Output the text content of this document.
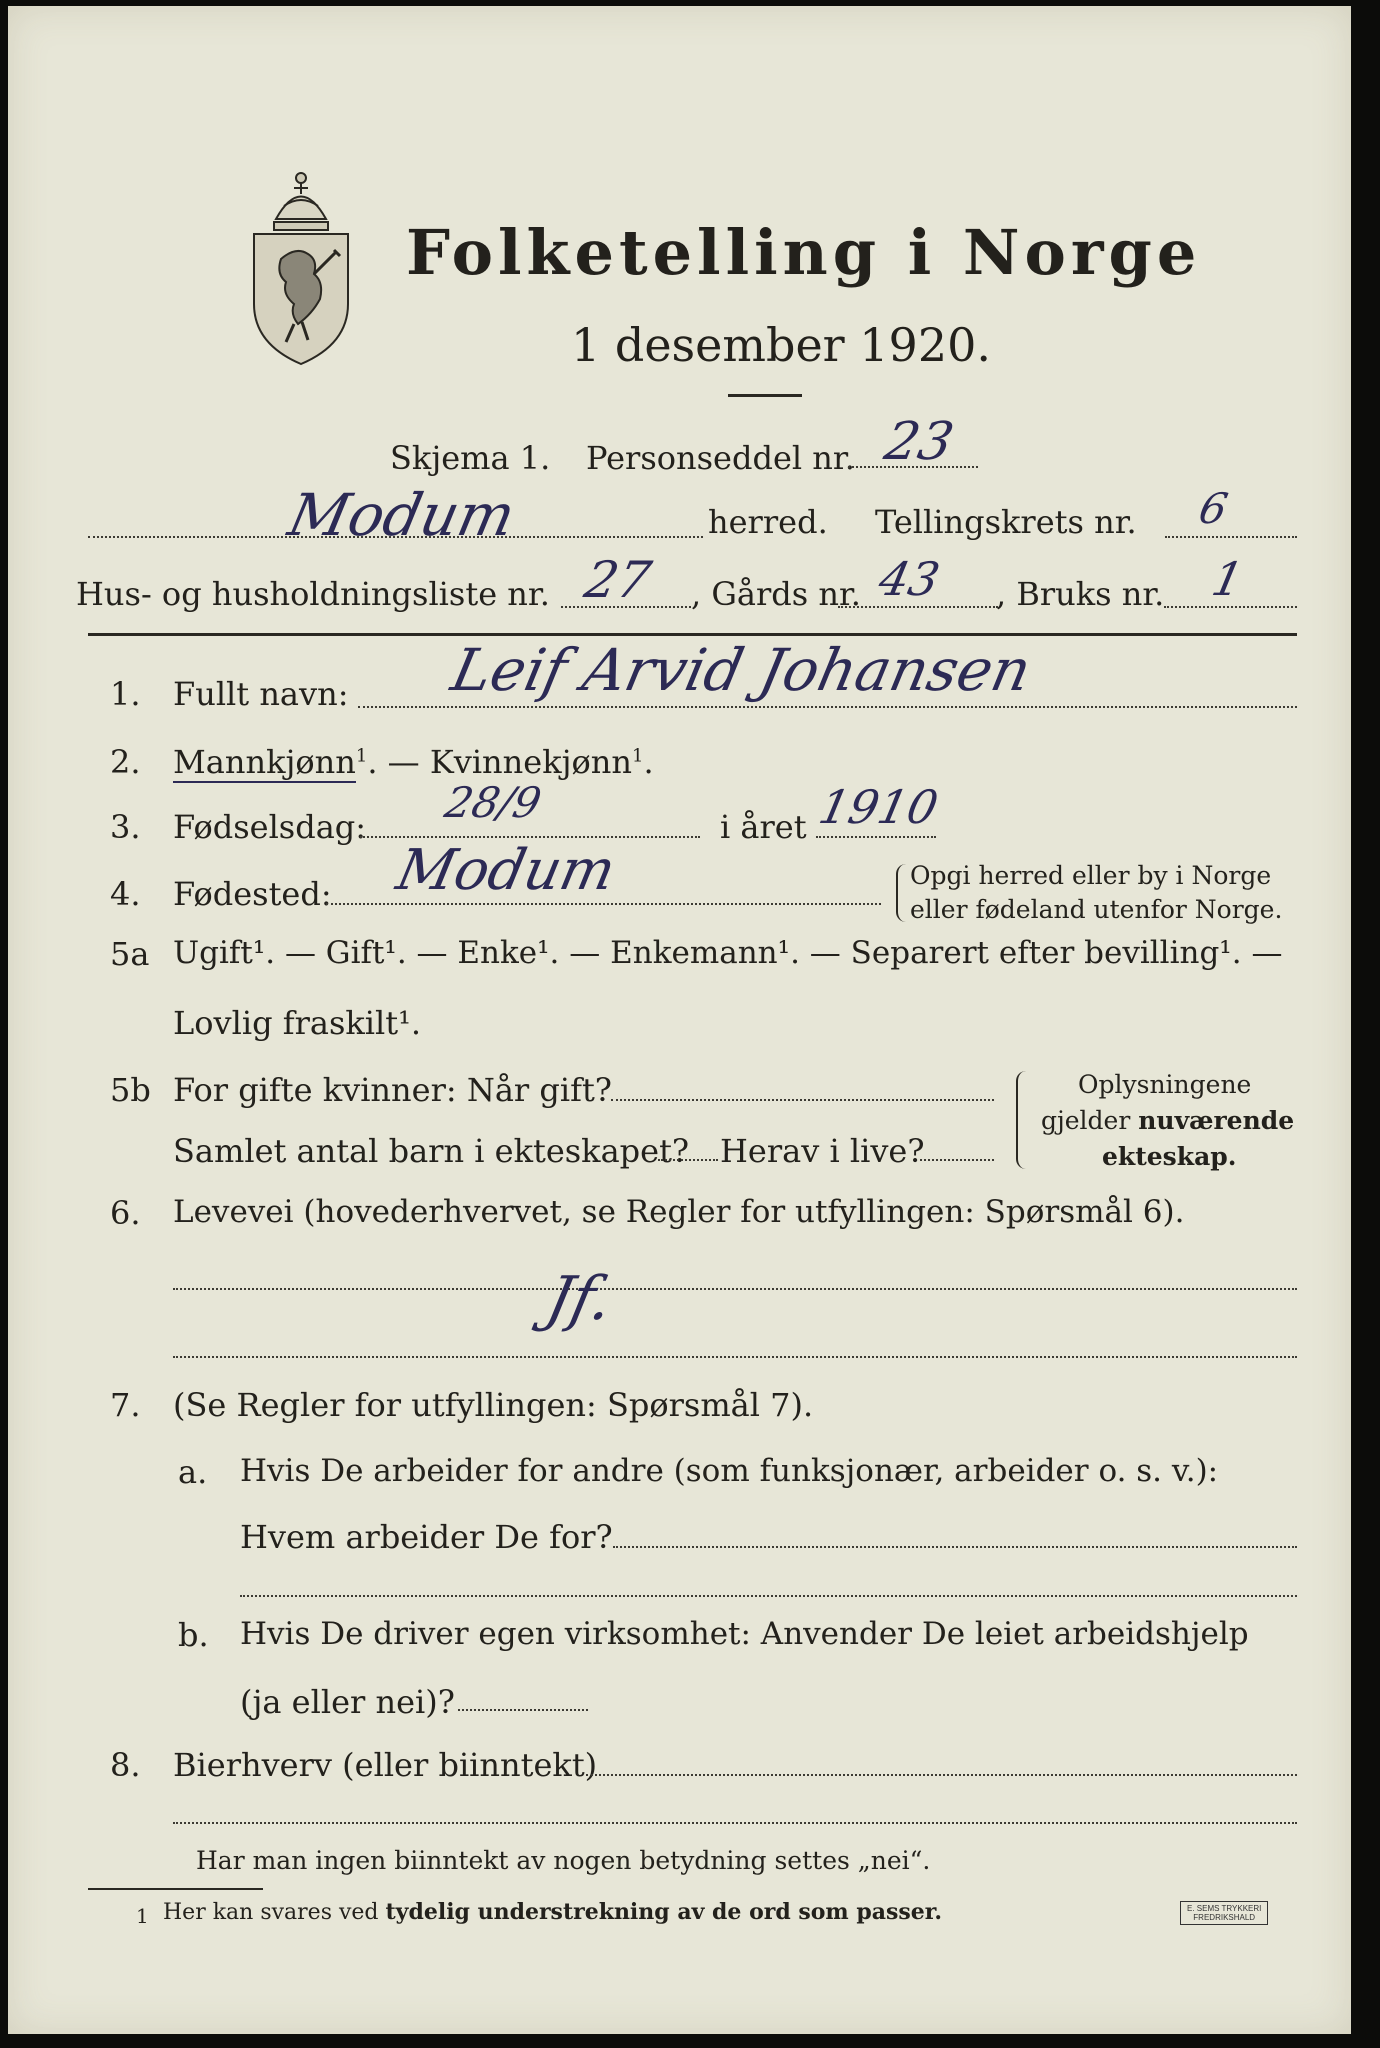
Folketelling i Norge
1 desember 1920.
Skjema 1. Personseddel nr. 23
Modum	herred. Tellingskrets nr. 6
Hus- og husholdningsliste nr. 27 , Gårds nr. 43 , Bruks nr. 1
1. Fullt navn: Leif Arvid Johansen
2. Mannkjønn$^1$. — Kvinnekjønn$^1$.
3. Fødselsdag: 28/9	i året 1910
4. Fødested: Modum	Opgi herred eller by i Norge
eller fødeland utenfor Norge.
5a Ugift¹. — Gift¹. — Enke¹. — Enkemann¹. — Separert efter bevilling¹. —
Lovlig fraskilt¹.
5b For gifte kvinner: Når gift?
Samlet antal barn i ekteskapet? Herav i live?
Oplysningene
gjelder nuværende
ekteskap.
6. Levevei (hovederhvervet, se Regler for utfyllingen: Spørsmål 6).
Jf.
7. (Se Regler for utfyllingen: Spørsmål 7).
a. Hvis De arbeider for andre (som funksjonær, arbeider o. s. v.):
Hvem arbeider De for?
b. Hvis De driver egen virksomhet: Anvender De leiet arbeidshjelp
(ja eller nei)?
8. Bierhverv (eller biinntekt)
Har man ingen biinntekt av nogen betydning settes „nei“.
1 Her kan svares ved tydelig understrekning av de ord som passer.	E. SEMS TRYKKERI
FREDRIKSHALD
